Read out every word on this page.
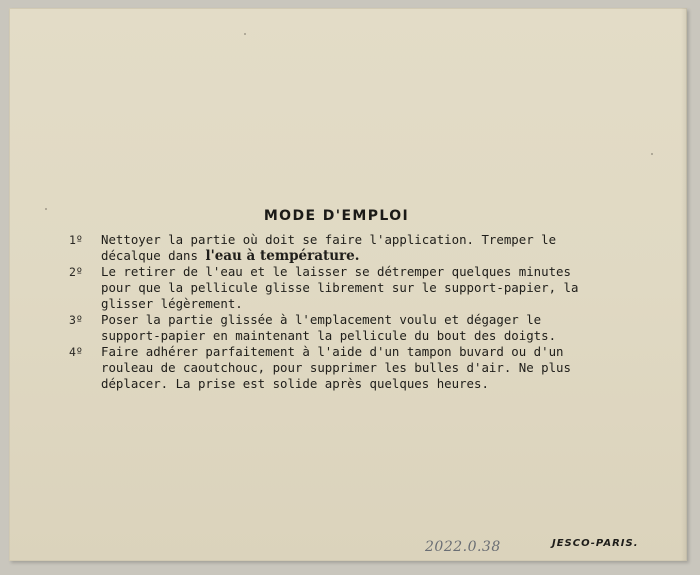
MODE D'EMPLOI
1º Nettoyer la partie où doit se faire l'application. Tremper le décalque dans l'eau à température.
2º Le retirer de l'eau et le laisser se détremper quelques minutes pour que la pellicule glisse librement sur le support-papier, la glisser légèrement.
3º Poser la partie glissée à l'emplacement voulu et dégager le support-papier en maintenant la pellicule du bout des doigts.
4º Faire adhérer parfaitement à l'aide d'un tampon buvard ou d'un rouleau de caoutchouc, pour supprimer les bulles d'air. Ne plus déplacer. La prise est solide après quelques heures.
2022.0.38	JESCO-PARIS.
